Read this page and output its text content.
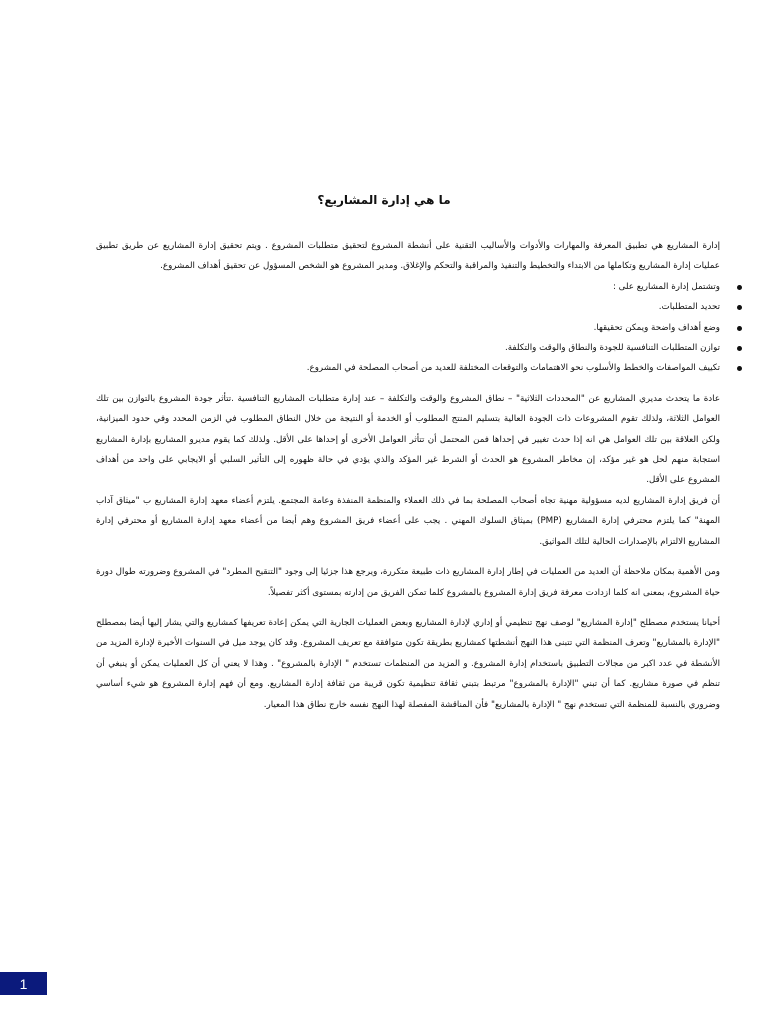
ما هي إدارة المشاريع؟

إدارة المشاريع هي تطبيق المعرفة والمهارات والأدوات والأساليب التقنية على أنشطة المشروع لتحقيق متطلبات المشروع . ويتم تحقيق إدارة المشاريع عن طريق تطبيق عمليات إدارة المشاريع وتكاملها من الابتداء والتخطيط والتنفيذ والمراقبة والتحكم والإغلاق. ومدير المشروع هو الشخص المسؤول عن تحقيق أهداف المشروع.

وتشتمل إدارة المشاريع على :
تحديد المتطلبات.
وضع أهداف واضحة ويمكن تحقيقها.
توازن المتطلبات التنافسية للجودة والنطاق والوقت والتكلفة.
تكييف المواصفات والخطط والأسلوب نحو الاهتمامات والتوقعات المختلفة للعديد من أصحاب المصلحة في المشروع.

عادة ما يتحدث مديري المشاريع عن "المحددات الثلاثية" – نطاق المشروع والوقت والتكلفة – عند إدارة متطلبات المشاريع التنافسية .تتأثر جودة المشروع بالتوازن بين تلك العوامل الثلاثة، ولذلك تقوم المشروعات ذات الجودة العالية بتسليم المنتج المطلوب أو الخدمة أو النتيجة من خلال النطاق المطلوب في الزمن المحدد وفي حدود الميزانية، ولكن العلاقة بين تلك العوامل هي انه إذا حدث تغيير في إحداها فمن المحتمل أن تتأثر العوامل الأخرى أو إحداها على الأقل. ولذلك كما يقوم مديرو المشاريع بإدارة المشاريع استجابة منهم لحل هو غير مؤكد، إن مخاطر المشروع هو الحدث أو الشرط غير المؤكد والذي يؤدي في حالة ظهوره إلى التأثير السلبي أو الايجابي على واحد من أهداف المشروع على الأقل.

أن فريق إدارة المشاريع لديه مسؤولية مهنية تجاه أصحاب المصلحة بما في ذلك العملاء والمنظمة المنفذة وعامة المجتمع. يلتزم أعضاء معهد إدارة المشاريع ب "ميثاق آداب المهنة" كما يلتزم محترفي إدارة المشاريع (PMP) بميثاق السلوك المهني . يجب على أعضاء فريق المشروع وهم أيضا من أعضاء معهد إدارة المشاريع أو محترفي إدارة المشاريع الالتزام بالإصدارات الحالية لتلك المواثيق.

ومن الأهمية بمكان ملاحظة أن العديد من العمليات في إطار إدارة المشاريع ذات طبيعة متكررة، ويرجع هذا جزئيا إلى وجود "التنقيح المطرد" في المشروع وضرورته طوال دورة حياة المشروع، بمعنى انه كلما ازدادت معرفة فريق إدارة المشروع بالمشروع كلما تمكن الفريق من إدارته بمستوى أكثر تفصيلاً.

أحيانا يستخدم مصطلح "إدارة المشاريع" لوصف نهج تنظيمي أو إداري لإدارة المشاريع وبعض العمليات الجارية التي يمكن إعادة تعريفها كمشاريع والتي يشار إليها أيضا بمصطلح "الإدارة بالمشاريع" وتعرف المنظمة التي تتبنى هذا النهج أنشطتها كمشاريع بطريقة تكون متوافقة مع تعريف المشروع. وقد كان يوجد ميل في السنوات الأخيرة لإدارة المزيد من الأنشطة في عدد اكبر من مجالات التطبيق باستخدام إدارة المشروع. و المزيد من المنظمات تستخدم " الإدارة بالمشروع" . وهذا لا يعني أن كل العمليات يمكن أو ينبغي أن تنظم في صورة مشاريع. كما أن تبني "الإدارة بالمشروع" مرتبط بتبني ثقافة تنظيمية تكون قريبة من ثقافة إدارة المشاريع. ومع أن فهم إدارة المشروع هو شيء أساسي وضروري بالنسبة للمنظمة التي تستخدم نهج " الإدارة بالمشاريع" فأن المناقشة المفصلة لهذا النهج نفسه خارج نطاق هذا المعيار.

1
